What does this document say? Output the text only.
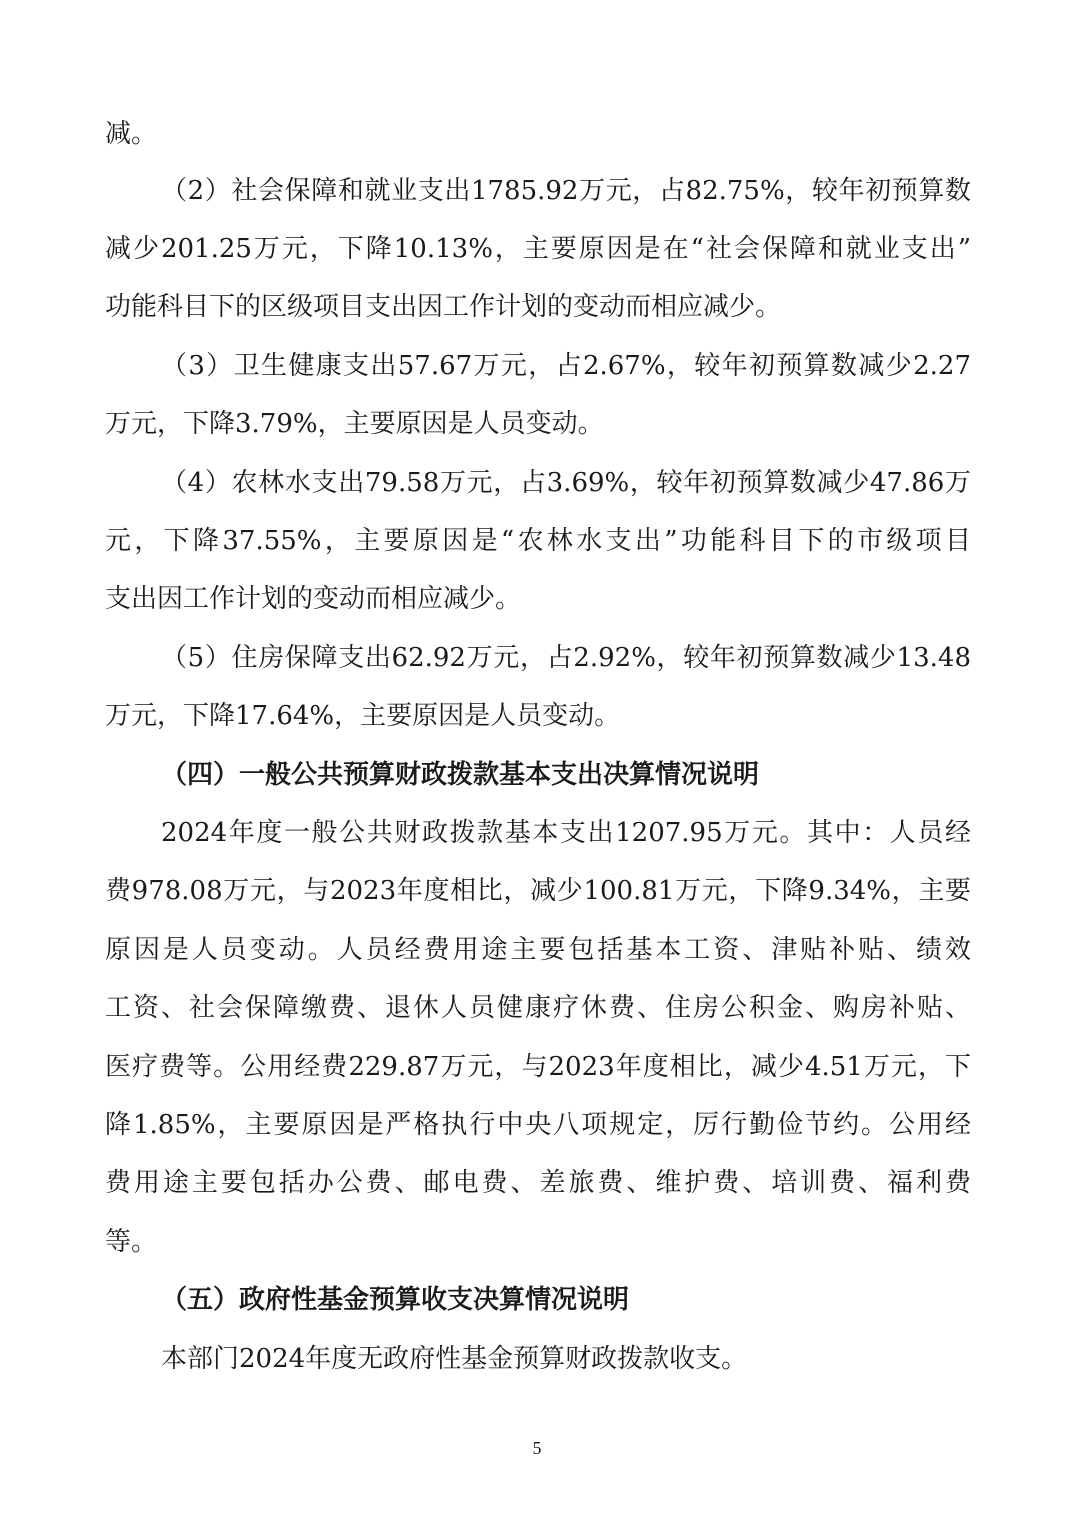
减。
（2）社会保障和就业支出1785.92万元，占82.75%，较年初预算数
减少201.25万元，下降10.13%，主要原因是在“社会保障和就业支出”
功能科目下的区级项目支出因工作计划的变动而相应减少。
（3）卫生健康支出57.67万元，占2.67%，较年初预算数减少2.27
万元，下降3.79%，主要原因是人员变动。
（4）农林水支出79.58万元，占3.69%，较年初预算数减少47.86万
元，下降37.55%，主要原因是“农林水支出”功能科目下的市级项目
支出因工作计划的变动而相应减少。
（5）住房保障支出62.92万元，占2.92%，较年初预算数减少13.48
万元，下降17.64%，主要原因是人员变动。
（四）一般公共预算财政拨款基本支出决算情况说明
2024年度一般公共财政拨款基本支出1207.95万元。其中：人员经
费978.08万元，与2023年度相比，减少100.81万元，下降9.34%，主要
原因是人员变动。人员经费用途主要包括基本工资、津贴补贴、绩效
工资、社会保障缴费、退休人员健康疗休费、住房公积金、购房补贴、
医疗费等。公用经费229.87万元，与2023年度相比，减少4.51万元，下
降1.85%，主要原因是严格执行中央八项规定，厉行勤俭节约。公用经
费用途主要包括办公费、邮电费、差旅费、维护费、培训费、福利费
等。
（五）政府性基金预算收支决算情况说明
本部门2024年度无政府性基金预算财政拨款收支。
5
